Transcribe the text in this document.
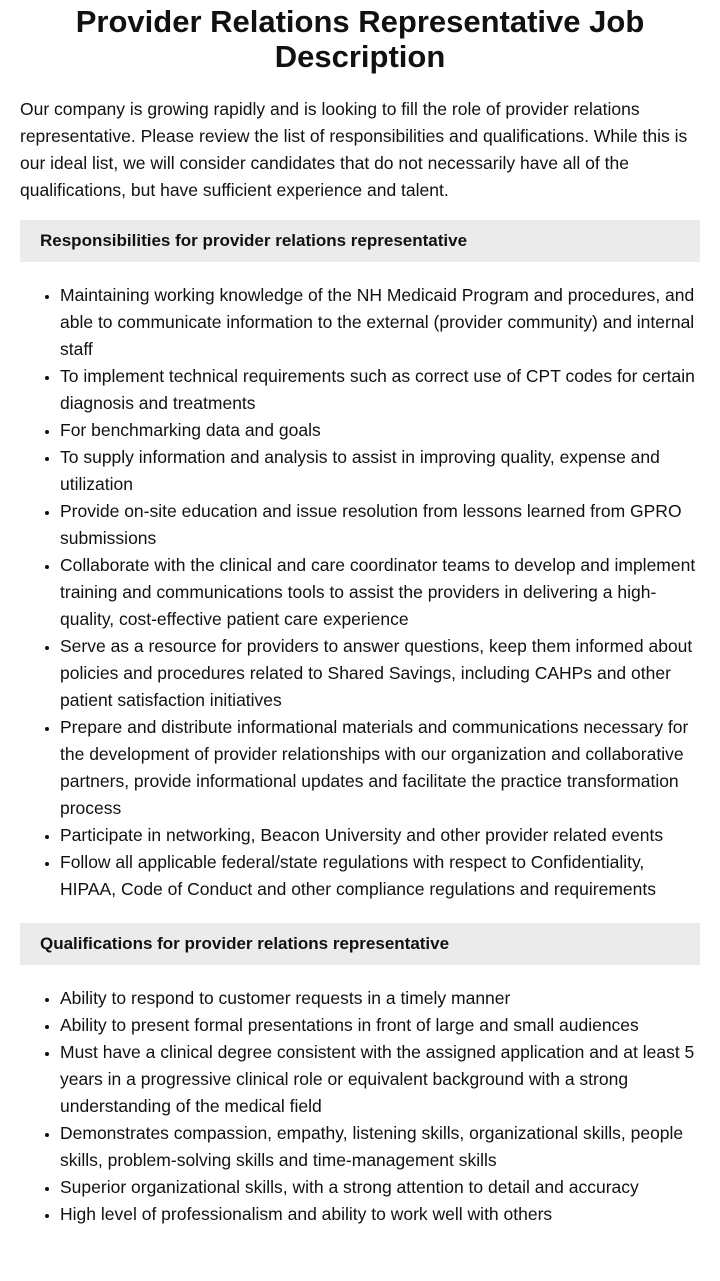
Provider Relations Representative Job Description

Our company is growing rapidly and is looking to fill the role of provider relations representative. Please review the list of responsibilities and qualifications. While this is our ideal list, we will consider candidates that do not necessarily have all of the qualifications, but have sufficient experience and talent.

Responsibilities for provider relations representative
• Maintaining working knowledge of the NH Medicaid Program and procedures, and able to communicate information to the external (provider community) and internal staff
• To implement technical requirements such as correct use of CPT codes for certain diagnosis and treatments
• For benchmarking data and goals
• To supply information and analysis to assist in improving quality, expense and utilization
• Provide on-site education and issue resolution from lessons learned from GPRO submissions
• Collaborate with the clinical and care coordinator teams to develop and implement training and communications tools to assist the providers in delivering a high-quality, cost-effective patient care experience
• Serve as a resource for providers to answer questions, keep them informed about policies and procedures related to Shared Savings, including CAHPs and other patient satisfaction initiatives
• Prepare and distribute informational materials and communications necessary for the development of provider relationships with our organization and collaborative partners, provide informational updates and facilitate the practice transformation process
• Participate in networking, Beacon University and other provider related events
• Follow all applicable federal/state regulations with respect to Confidentiality, HIPAA, Code of Conduct and other compliance regulations and requirements
Qualifications for provider relations representative
• Ability to respond to customer requests in a timely manner
• Ability to present formal presentations in front of large and small audiences
• Must have a clinical degree consistent with the assigned application and at least 5 years in a progressive clinical role or equivalent background with a strong understanding of the medical field
• Demonstrates compassion, empathy, listening skills, organizational skills, people skills, problem-solving skills and time-management skills
• Superior organizational skills, with a strong attention to detail and accuracy
• High level of professionalism and ability to work well with others
